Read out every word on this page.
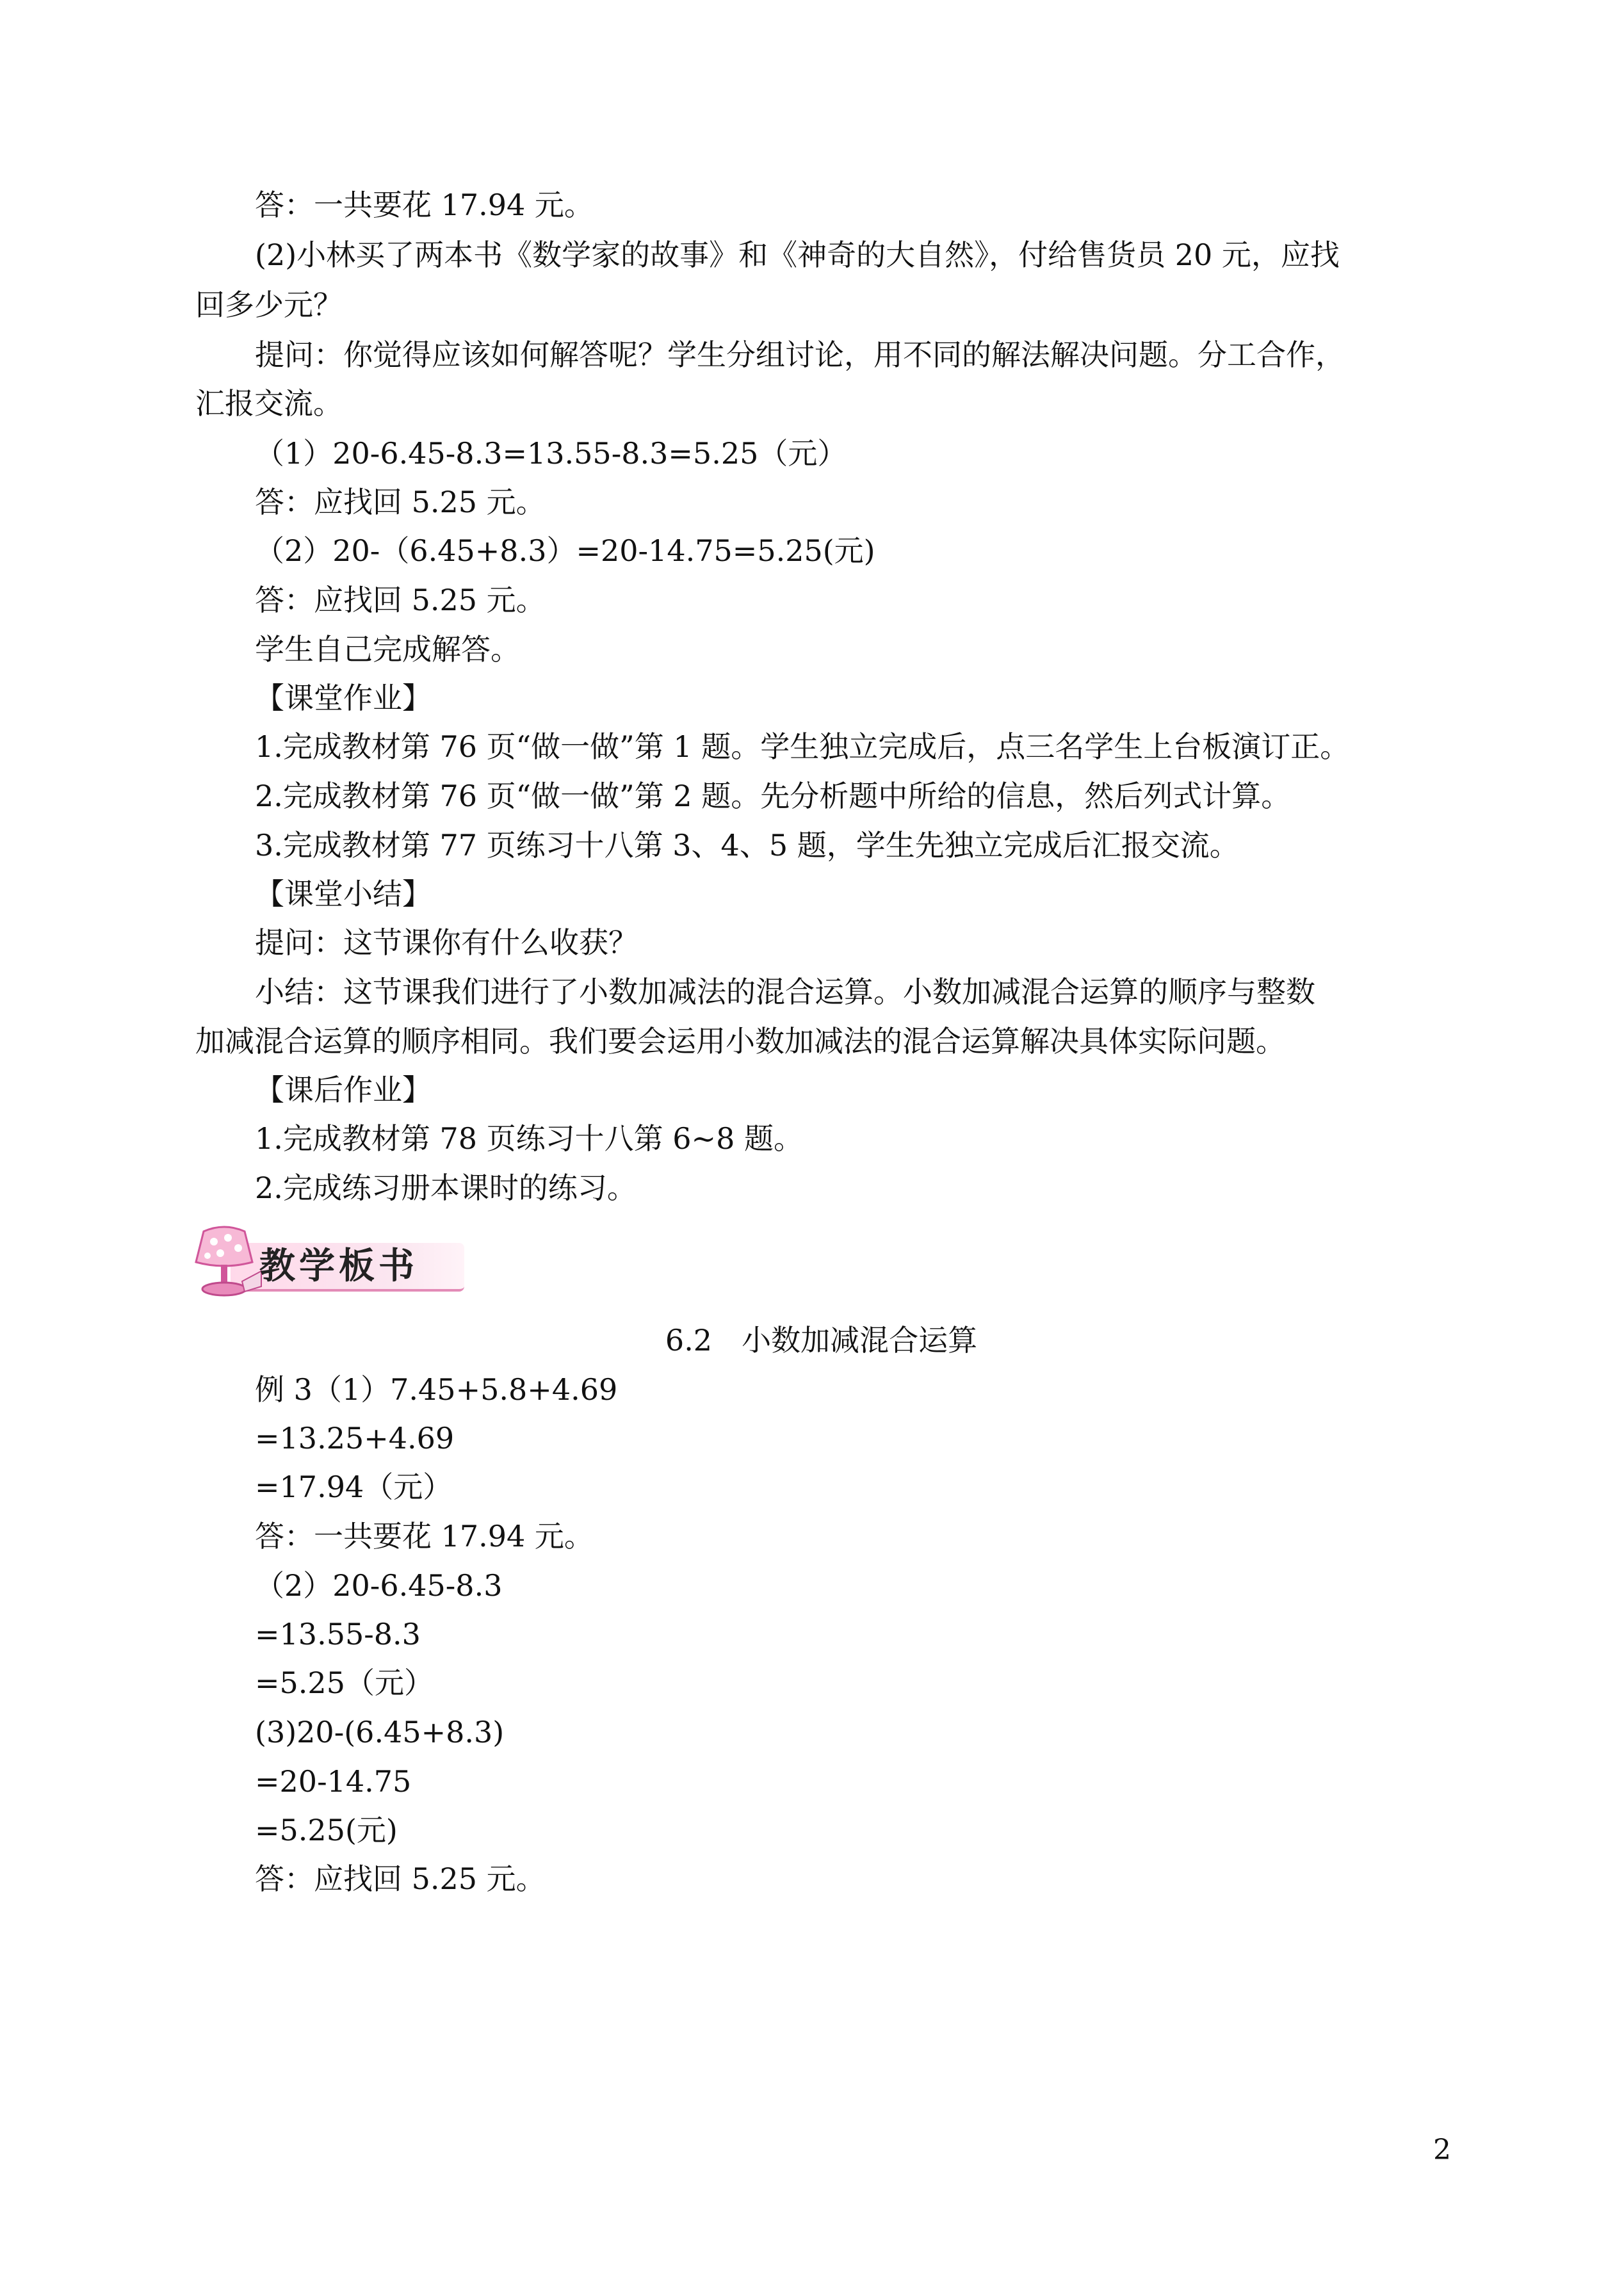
答：一共要花 17.94 元。
(2)小林买了两本书《数学家的故事》和《神奇的大自然》，付给售货员 20 元，应找
回多少元？
提问：你觉得应该如何解答呢？学生分组讨论，用不同的解法解决问题。分工合作，
汇报交流。
（1）20-6.45-8.3=13.55-8.3=5.25（元）
答：应找回 5.25 元。
（2）20-（6.45+8.3）=20-14.75=5.25(元)
答：应找回 5.25 元。
学生自己完成解答。
【课堂作业】
1.完成教材第 76 页“做一做”第 1 题。学生独立完成后，点三名学生上台板演订正。
2.完成教材第 76 页“做一做”第 2 题。先分析题中所给的信息，然后列式计算。
3.完成教材第 77 页练习十八第 3、4、5 题，学生先独立完成后汇报交流。
【课堂小结】
提问：这节课你有什么收获？
小结：这节课我们进行了小数加减法的混合运算。小数加减混合运算的顺序与整数
加减混合运算的顺序相同。我们要会运用小数加减法的混合运算解决具体实际问题。
【课后作业】
1.完成教材第 78 页练习十八第 6~8 题。
2.完成练习册本课时的练习。
教学板书
6.2　小数加减混合运算
例 3（1）7.45+5.8+4.69
=13.25+4.69
=17.94（元）
答：一共要花 17.94 元。
（2）20-6.45-8.3
=13.55-8.3
=5.25（元）
(3)20-(6.45+8.3)
=20-14.75
=5.25(元)
答：应找回 5.25 元。
2
